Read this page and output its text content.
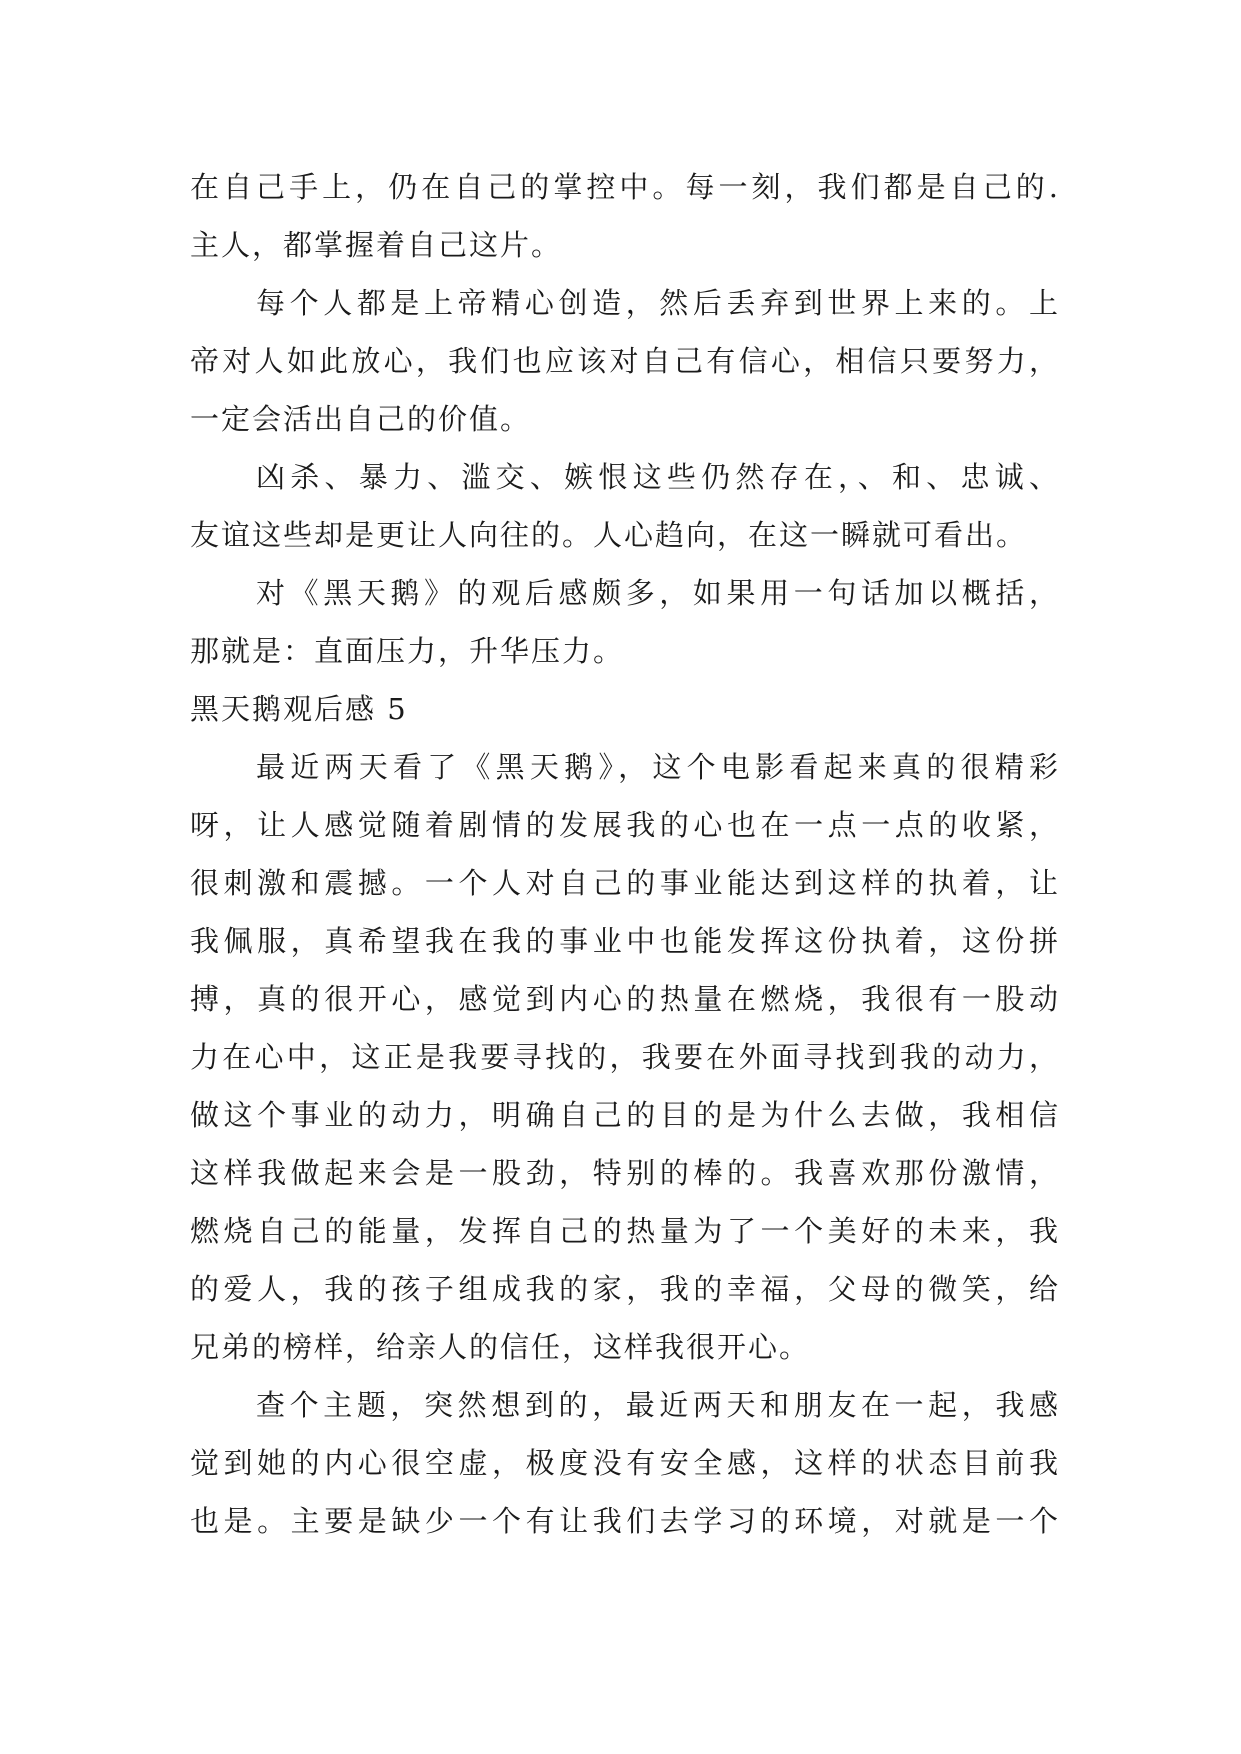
在自己手上，仍在自己的掌控中。每一刻，我们都是自己的.
主人，都掌握着自己这片。
每个人都是上帝精心创造，然后丢弃到世界上来的。上
帝对人如此放心，我们也应该对自己有信心，相信只要努力，
一定会活出自己的价值。
凶杀、暴力、滥交、嫉恨这些仍然存在，、和、忠诚、
友谊这些却是更让人向往的。人心趋向，在这一瞬就可看出。
对《黑天鹅》的观后感颇多，如果用一句话加以概括，
那就是：直面压力，升华压力。
黑天鹅观后感 5
最近两天看了《黑天鹅》，这个电影看起来真的很精彩
呀，让人感觉随着剧情的发展我的心也在一点一点的收紧，
很刺激和震撼。一个人对自己的事业能达到这样的执着，让
我佩服，真希望我在我的事业中也能发挥这份执着，这份拼
搏，真的很开心，感觉到内心的热量在燃烧，我很有一股动
力在心中，这正是我要寻找的，我要在外面寻找到我的动力，
做这个事业的动力，明确自己的目的是为什么去做，我相信
这样我做起来会是一股劲，特别的棒的。我喜欢那份激情，
燃烧自己的能量，发挥自己的热量为了一个美好的未来，我
的爱人，我的孩子组成我的家，我的幸福，父母的微笑，给
兄弟的榜样，给亲人的信任，这样我很开心。
查个主题，突然想到的，最近两天和朋友在一起，我感
觉到她的内心很空虚，极度没有安全感，这样的状态目前我
也是。主要是缺少一个有让我们去学习的环境，对就是一个
